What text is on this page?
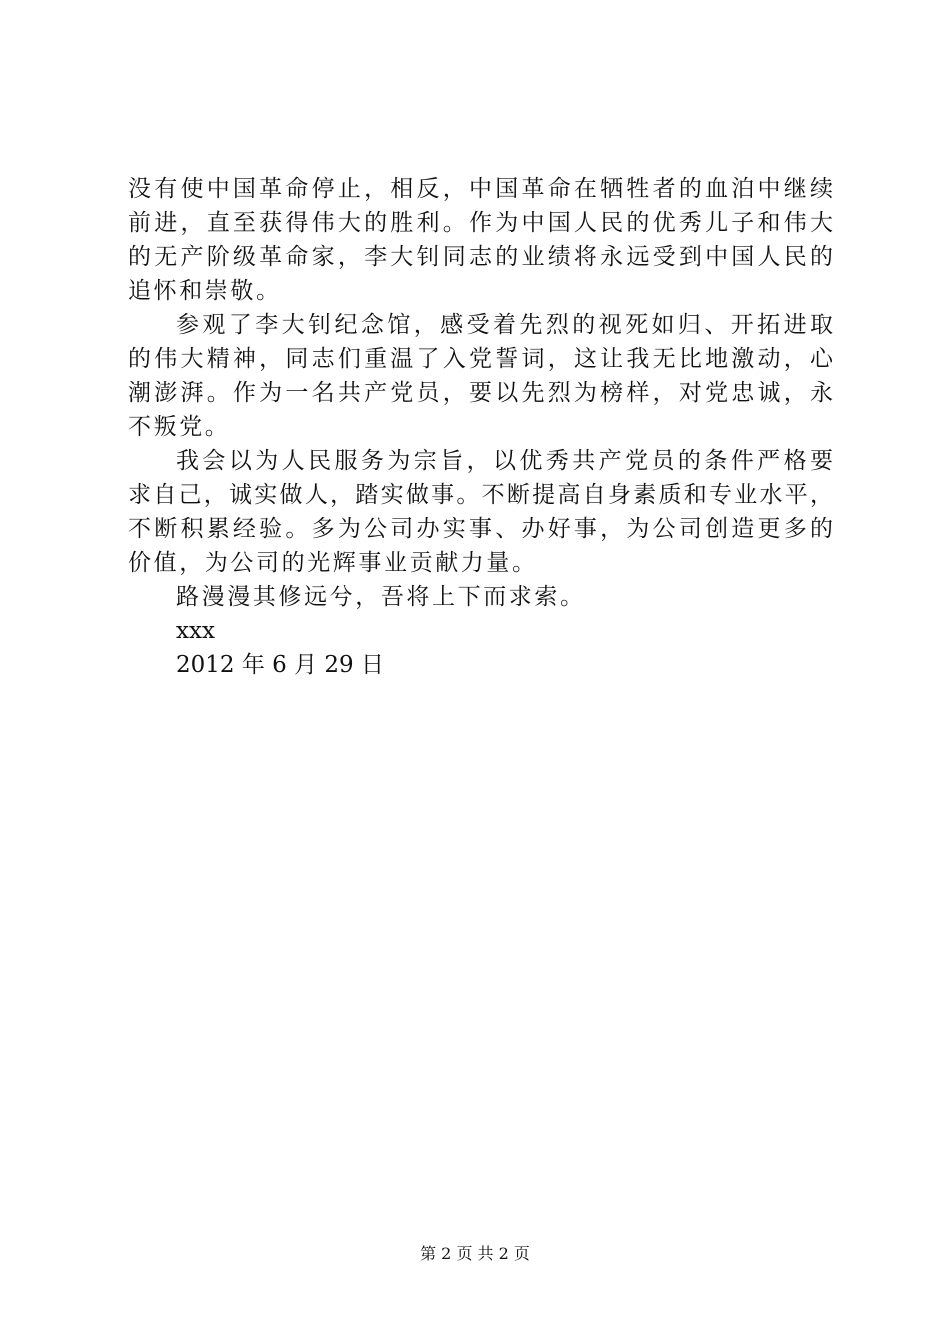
没有使中国革命停止，相反，中国革命在牺牲者的血泊中继续
前进，直至获得伟大的胜利。作为中国人民的优秀儿子和伟大
的无产阶级革命家，李大钊同志的业绩将永远受到中国人民的
追怀和崇敬。
参观了李大钊纪念馆，感受着先烈的视死如归、开拓进取
的伟大精神，同志们重温了入党誓词，这让我无比地激动，心
潮澎湃。作为一名共产党员，要以先烈为榜样，对党忠诚，永
不叛党。
我会以为人民服务为宗旨，以优秀共产党员的条件严格要
求自己，诚实做人，踏实做事。不断提高自身素质和专业水平，
不断积累经验。多为公司办实事、办好事，为公司创造更多的
价值，为公司的光辉事业贡献力量。
路漫漫其修远兮，吾将上下而求索。
xxx
2012 年 6 月 29 日
第 2 页 共 2 页
